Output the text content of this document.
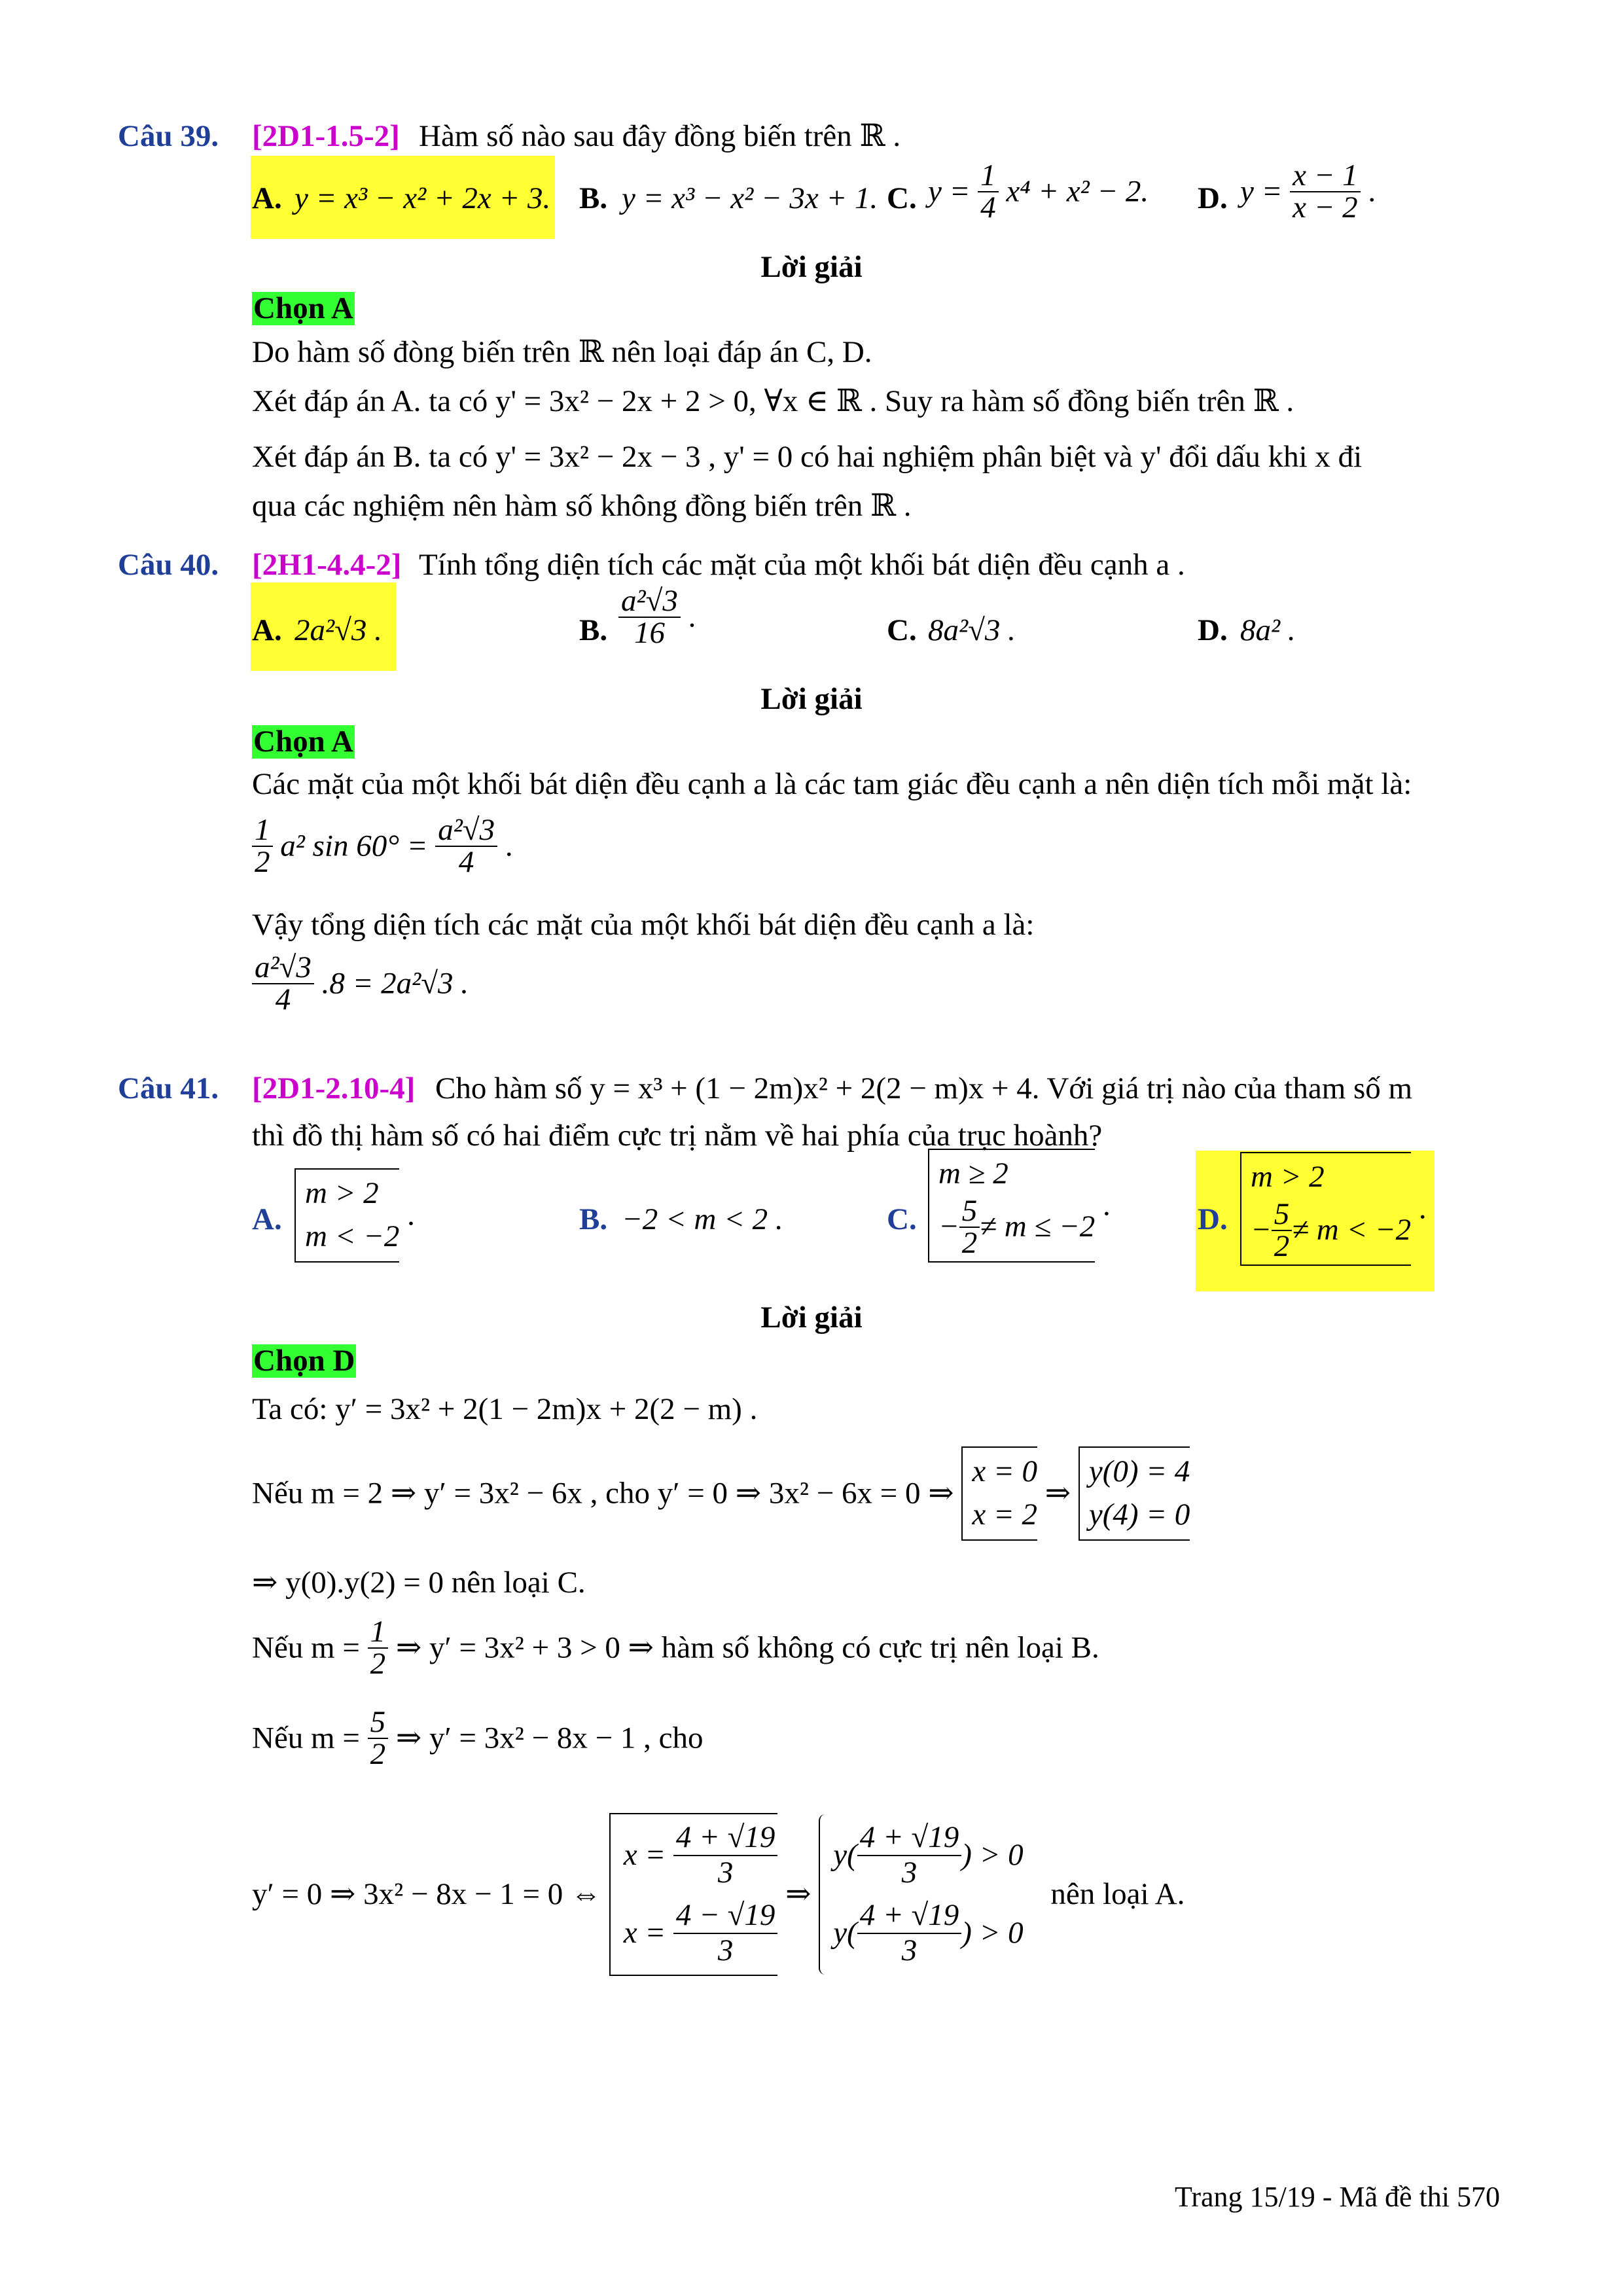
Câu 39. [2D1-1.5-2] Hàm số nào sau đây đồng biến trên ℝ .
A. y = x³ − x² + 2x + 3. B. y = x³ − x² − 3x + 1. C. $y = \frac{1}{4} x^4 + x^2 - 2$. D. $y = \frac{x - 1}{x - 2}$ .
Lời giải
Chọn A
Do hàm số đòng biến trên ℝ nên loại đáp án C, D.
Xét đáp án A. ta có y' = 3x² − 2x + 2 > 0, ∀x ∈ ℝ . Suy ra hàm số đồng biến trên ℝ .
Xét đáp án B. ta có y' = 3x² − 2x − 3 , y' = 0 có hai nghiệm phân biệt và y' đổi dấu khi x đi
qua các nghiệm nên hàm số không đồng biến trên ℝ .
Câu 40. [2H1-4.4-2] Tính tổng diện tích các mặt của một khối bát diện đều cạnh a .
A. 2a²√3 .	B. $\frac{\text{a²√3}}{16}$ .	C. 8a²√3 .	D. 8a² .
Lời giải
Chọn A
Các mặt của một khối bát diện đều cạnh a là các tam giác đều cạnh a nên diện tích mỗi mặt là:
$\frac{1}{2} a^2$ $\sin 60^\circ = \frac{\text{a²√3}}{4}$ .
Vậy tổng diện tích các mặt của một khối bát diện đều cạnh a là:
$\frac{\text{a²√3}}{4} .8 = 2a^2√3$ .
Câu 41. [2D1-2.10-4] Cho hàm số y = x³ + (1 − 2m)x² + 2(2 − m)x + 4. Với giá trị nào của tham số m
thì đồ thị hàm số có hai điểm cực trị nằm về hai phía của trục hoành?
A.
m > 2
m < −2
.	B. −2 < m < 2 .	C.
m ≥ 2
− $\frac{5}{2} \ne m \le -2$
.	D.
m > 2
− $\frac{5}{2} \ne m < -2$
.
Lời giải
Chọn D
Ta có: y′ = 3x² + 2(1 − 2m)x + 2(2 − m) .
Nếu m = 2 ⇒ y′ = 3x² − 6x , cho y′ = 0 ⇒ 3x² − 6x = 0 ⇒
x = 0
x = 2
⇒
y(0) = 4
y(4) = 0
⇒ y(0).y(2) = 0 nên loại C.
Nếu $m = \frac{1}{2}$ ⇒ y′ = 3x² + 3 > 0 ⇒ hàm số không có cực trị nên loại B.
Nếu $m = \frac{5}{2}$ ⇒ y′ = 3x² − 8x − 1 , cho
y′ = 0 ⇒ 3x² − 8x − 1 = 0 ⇔
$x = \frac{4 + √19}{3}$
$x = \frac{4 - √19}{3}$
⇒
$y( \frac{4 + √19}{3}$ ) > 0
$y( \frac{4 + √19}{3}$ ) > 0
nên loại A.
Trang 15/19 - Mã đề thi 570
